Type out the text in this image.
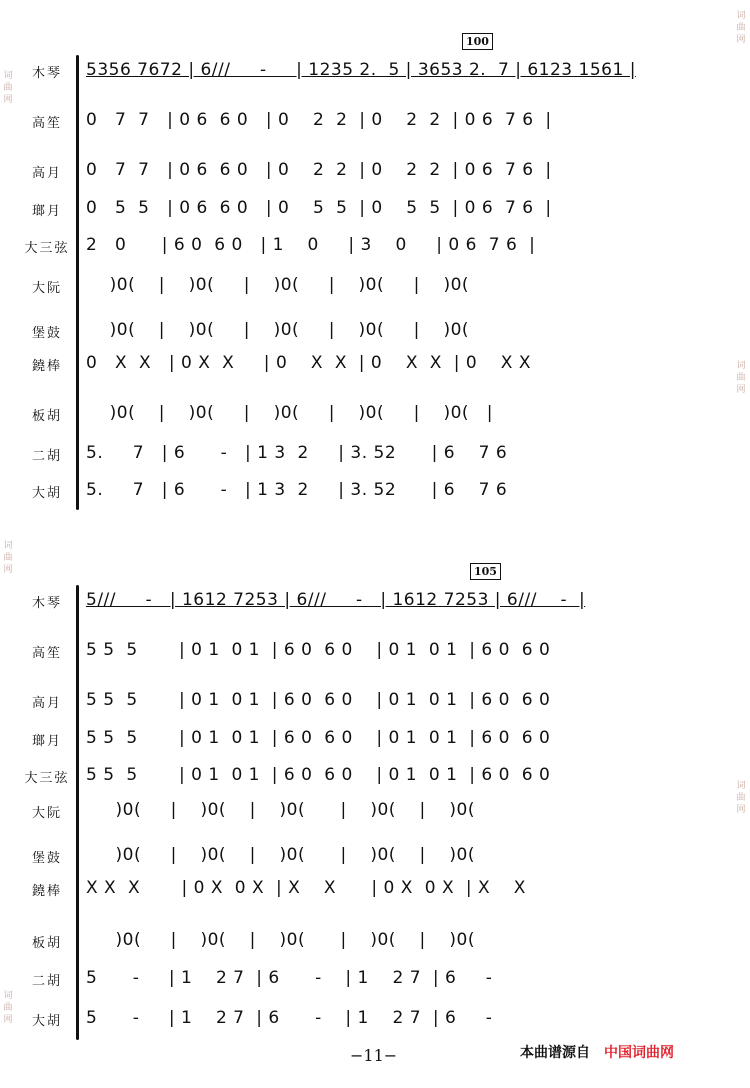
词曲网
词曲网
词曲网
词曲网
词曲网
词曲网
100
木琴
高笙
高月
瑯月
大三弦
大阮
堡鼓
鐃棒
板胡
二胡
大胡
5356 7672 | 6///     -     | 1235 2.  5 | 3653 2.  7 | 6123 1561 |
0   7  7   | 0 6  6 0   | 0    2  2  | 0    2  2  | 0 6  7 6  |
0   7  7   | 0 6  6 0   | 0    2  2  | 0    2  2  | 0 6  7 6  |
0   5  5   | 0 6  6 0   | 0    5  5  | 0    5  5  | 0 6  7 6  |
2   0      | 6 0  6 0   | 1    0     | 3    0     | 0 6  7 6  |
)0(    |    )0(     |    )0(     |    )0(     |    )0(
)0(    |    )0(     |    )0(     |    )0(     |    )0(
0   X  X   | 0 X  X     | 0    X  X  | 0    X  X  | 0    X X
)0(    |    )0(     |    )0(     |    )0(     |    )0(   |
5.     7   | 6      -   | 1 3  2     | 3. 52      | 6    7 6
5.     7   | 6      -   | 1 3  2     | 3. 52      | 6    7 6
105
木琴
高笙
高月
瑯月
大三弦
大阮
堡鼓
鐃棒
板胡
二胡
大胡
5///     -   | 1612 7253 | 6///     -   | 1612 7253 | 6///    -  |
5 5  5       | 0 1  0 1  | 6 0  6 0    | 0 1  0 1  | 6 0  6 0
5 5  5       | 0 1  0 1  | 6 0  6 0    | 0 1  0 1  | 6 0  6 0
5 5  5       | 0 1  0 1  | 6 0  6 0    | 0 1  0 1  | 6 0  6 0
5 5  5       | 0 1  0 1  | 6 0  6 0    | 0 1  0 1  | 6 0  6 0
)0(     |    )0(    |    )0(      |    )0(    |    )0(
)0(     |    )0(    |    )0(      |    )0(    |    )0(
X X  X       | 0 X  0 X  | X    X      | 0 X  0 X  | X    X
)0(     |    )0(    |    )0(      |    )0(    |    )0(
5      -     | 1    2 7  | 6      -    | 1    2 7  | 6     -
5      -     | 1    2 7  | 6      -    | 1    2 7  | 6     -
−11−	本曲谱源自 中国词曲网
